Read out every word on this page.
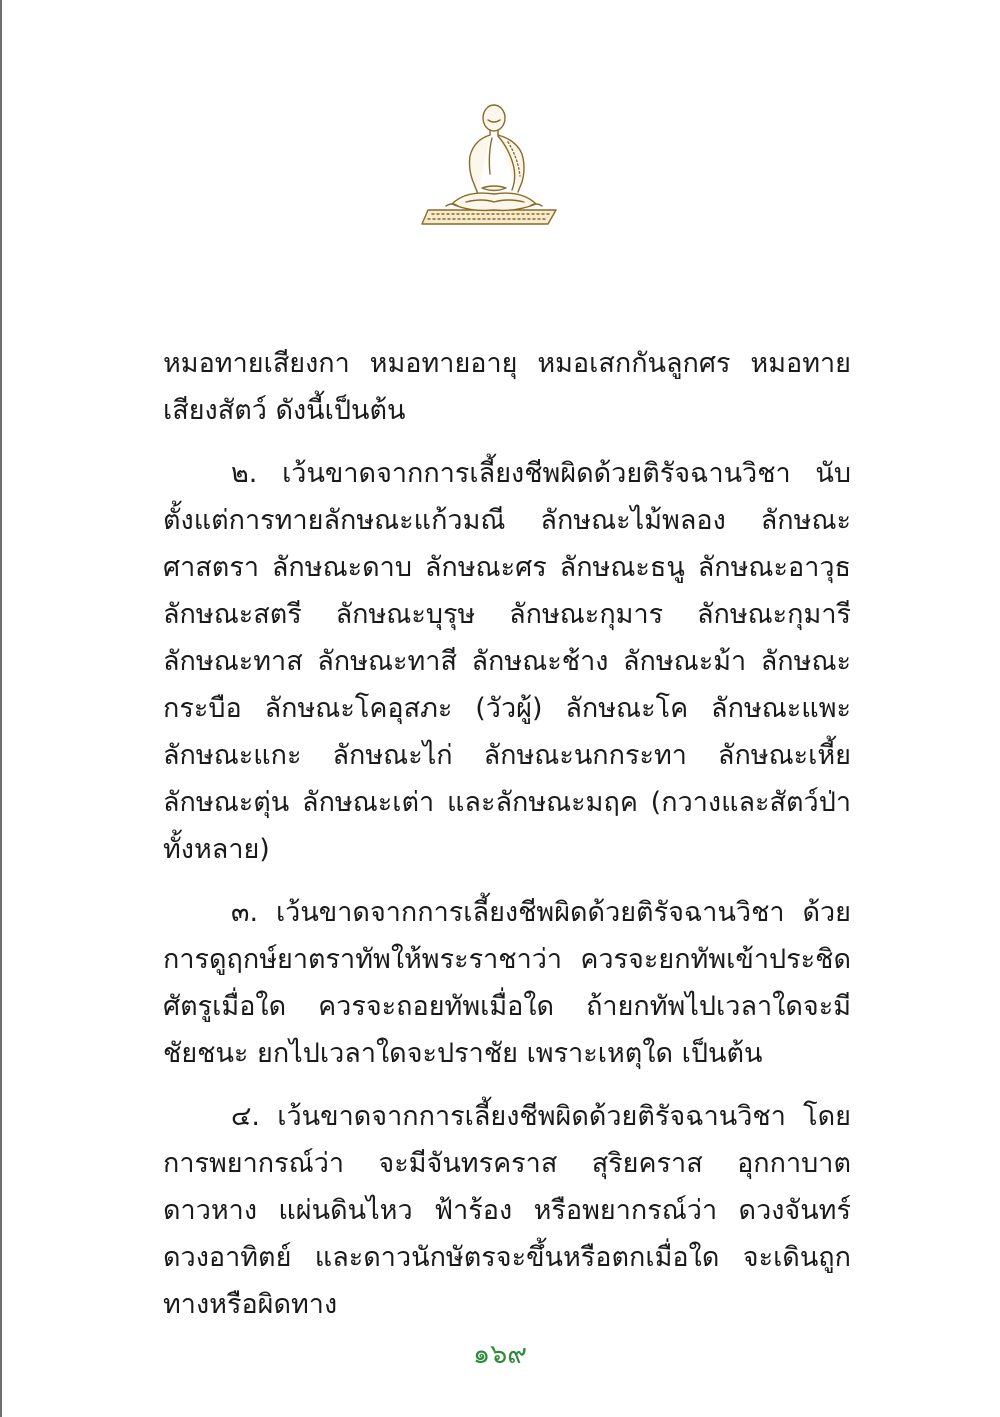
หมอทายเสียงกา หมอทายอายุ หมอเสกกันลูกศร หมอทายเสียงสัตว์ ดังนี้เป็นต้น

๒. เว้นขาดจากการเลี้ยงชีพผิดด้วยติรัจฉานวิชา นับตั้งแต่การทายลักษณะแก้วมณี ลักษณะไม้พลอง ลักษณะศาสตรา ลักษณะดาบ ลักษณะศร ลักษณะธนู ลักษณะอาวุธ ลักษณะสตรี ลักษณะบุรุษ ลักษณะกุมาร ลักษณะกุมารี ลักษณะทาส ลักษณะทาสี ลักษณะช้าง ลักษณะม้า ลักษณะกระบือ ลักษณะโคอุสภะ (วัวผู้) ลักษณะโค ลักษณะแพะ ลักษณะแกะ ลักษณะไก่ ลักษณะนกกระทา ลักษณะเหี้ย ลักษณะตุ่น ลักษณะเต่า และลักษณะมฤค (กวางและสัตว์ป่าทั้งหลาย)

๓. เว้นขาดจากการเลี้ยงชีพผิดด้วยติรัจฉานวิชา ด้วยการดูฤกษ์ยาตราทัพให้พระราชาว่า ควรจะยกทัพเข้าประชิดศัตรูเมื่อใด ควรจะถอยทัพเมื่อใด ถ้ายกทัพไปเวลาใดจะมีชัยชนะ ยกไปเวลาใดจะปราชัย เพราะเหตุใด เป็นต้น

๔. เว้นขาดจากการเลี้ยงชีพผิดด้วยติรัจฉานวิชา โดยการพยากรณ์ว่า จะมีจันทรคราส สุริยคราส อุกกาบาต ดาวหาง แผ่นดินไหว ฟ้าร้อง หรือพยากรณ์ว่า ดวงจันทร์ ดวงอาทิตย์ และดาวนักษัตรจะขึ้นหรือตกเมื่อใด จะเดินถูกทางหรือผิดทาง

๑๖๙
